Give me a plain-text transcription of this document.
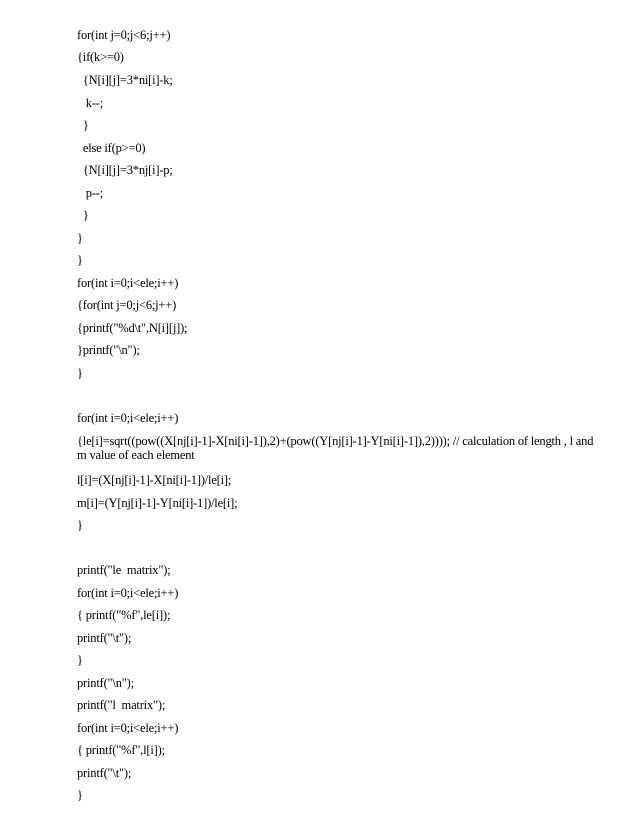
for(int j=0;j<6;j++)
{if(k>=0)
{N[i][j]=3*ni[i]-k;
k--;
}
else if(p>=0)
{N[i][j]=3*nj[i]-p;
p--;
}
}
}
for(int i=0;i<ele;i++)
{for(int j=0;j<6;j++)
{printf("%d\t",N[i][j]);
}printf("\n");
}
for(int i=0;i<ele;i++)
{le[i]=sqrt((pow((X[nj[i]-1]-X[ni[i]-1]),2)+(pow((Y[nj[i]-1]-Y[ni[i]-1]),2)))); // calculation of length , l and m value of each element
l[i]=(X[nj[i]-1]-X[ni[i]-1])/le[i];
m[i]=(Y[nj[i]-1]-Y[ni[i]-1])/le[i];
}
printf("le  matrix");
for(int i=0;i<ele;i++)
{ printf("%f",le[i]);
printf("\t");
}
printf("\n");
printf("l  matrix");
for(int i=0;i<ele;i++)
{ printf("%f",l[i]);
printf("\t");
}
